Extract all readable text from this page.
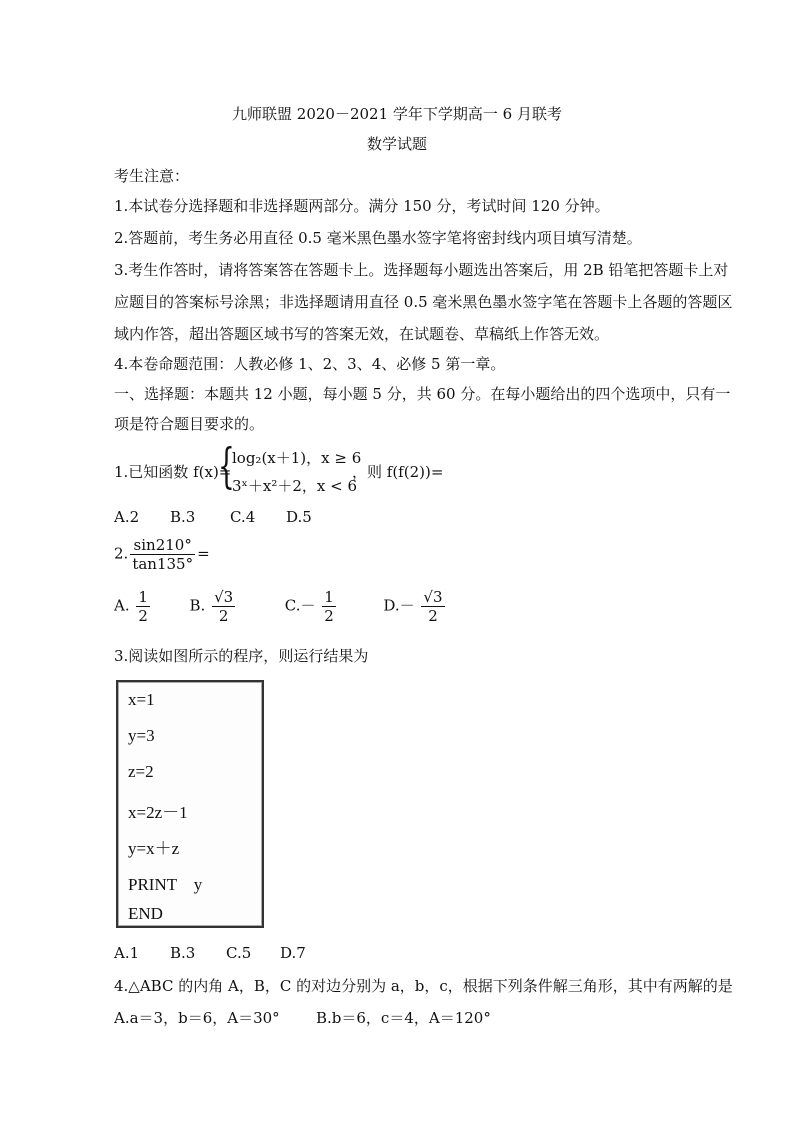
九师联盟 2020－2021 学年下学期高一 6 月联考
数学试题
考生注意：
1.本试卷分选择题和非选择题两部分。满分 150 分，考试时间 120 分钟。
2.答题前，考生务必用直径 0.5 毫米黑色墨水签字笔将密封线内项目填写清楚。
3.考生作答时，请将答案答在答题卡上。选择题每小题选出答案后，用 2B 铅笔把答题卡上对
应题目的答案标号涂黑；非选择题请用直径 0.5 毫米黑色墨水签字笔在答题卡上各题的答题区
域内作答，超出答题区域书写的答案无效，在试题卷、草稿纸上作答无效。
4.本卷命题范围：人教必修 1、2、3、4、必修 5 第一章。
一、选择题：本题共 12 小题，每小题 5 分，共 60 分。在每小题给出的四个选项中，只有一
项是符合题目要求的。
1.已知函数 f(x)=
{
log₂(x＋1)，x ≥ 6
3ˣ＋x²＋2，x < 6
，则 f(f(2))=
A.2 B.3 C.4 D.5
2. $\frac{\sin 210^\circ}{\tan 135^\circ}$ =
A. $\frac{1}{2}$	B. $\frac{√3}{2}$	$C.- \frac{1}{2}$	$D.- \frac{√3}{2}$
3.阅读如图所示的程序，则运行结果为
x=1
y=3
z=2
x=2z－1
y=x＋z
PRINT　y
END
A.1 B.3 C.5 D.7
4.△ABC 的内角 A，B，C 的对边分别为 a，b，c，根据下列条件解三角形，其中有两解的是
A.a＝3，b＝6，A＝30° B.b＝6，c＝4，A＝120°
